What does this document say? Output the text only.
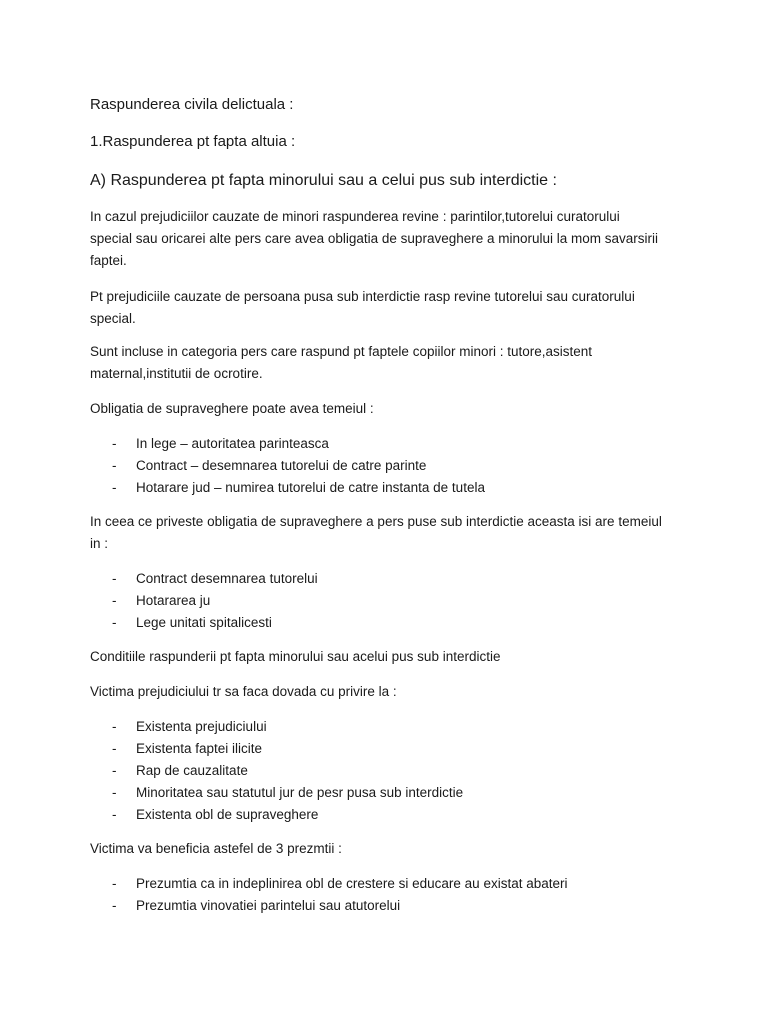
Raspunderea civila delictuala :
1.Raspunderea pt fapta altuia :
A) Raspunderea pt fapta minorului sau a celui pus sub interdictie :
In cazul prejudiciilor cauzate de minori raspunderea revine : parintilor,tutorelui curatorului
special sau oricarei alte pers care avea obligatia de supraveghere a minorului la mom savarsirii
faptei.
Pt prejudiciile cauzate de persoana pusa sub interdictie rasp revine tutorelui sau curatorului
special.
Sunt incluse in categoria pers care raspund pt faptele copiilor minori : tutore,asistent
maternal,institutii de ocrotire.
Obligatia de supraveghere poate avea temeiul :
- In lege – autoritatea parinteasca
- Contract – desemnarea tutorelui de catre parinte
- Hotarare jud – numirea tutorelui de catre instanta de tutela
In ceea ce priveste obligatia de supraveghere a pers puse sub interdictie aceasta isi are temeiul
in :
- Contract desemnarea tutorelui
- Hotararea ju
- Lege unitati spitalicesti
Conditiile raspunderii pt fapta minorului sau acelui pus sub interdictie
Victima prejudiciului tr sa faca dovada cu privire la :
- Existenta prejudiciului
- Existenta faptei ilicite
- Rap de cauzalitate
- Minoritatea sau statutul jur de pesr pusa sub interdictie
- Existenta obl de supraveghere
Victima va beneficia astefel de 3 prezmtii :
- Prezumtia ca in indeplinirea obl de crestere si educare au existat abateri
- Prezumtia vinovatiei parintelui sau atutorelui
